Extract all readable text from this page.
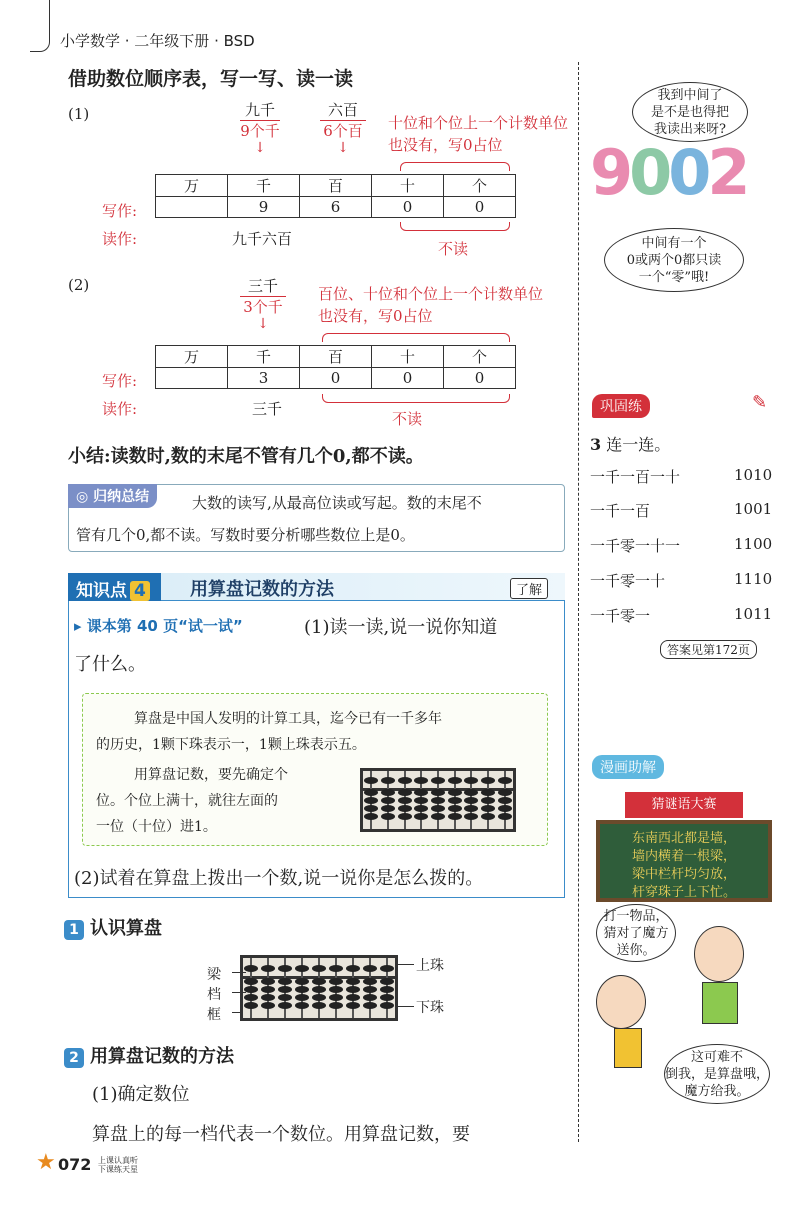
小学数学 · 二年级下册 · BSD
借助数位顺序表，写一写、读一读
(1)	九千
9个千
↓
六百
6个百
↓
十位和个位上一个计数单位也没有，写0占位
万	千	百	十	个
	9	6	0	0
写作:
读作:	九千六百
不读
(2)	三千
3个千
↓
百位、十位和个位上一个计数单位也没有，写0占位
万	千	百	十	个
	3	0	0	0
写作:
读作:	三千
不读
小结:读数时,数的末尾不管有几个0,都不读。
◎ 归纳总结	大数的读写,从最高位读或写起。数的末尾不
管有几个0,都不读。写数时要分析哪些数位上是0。
知识点 4	用算盘记数的方法	了解
▸ 课本第 40 页“试一试”	(1)读一读,说一说你知道
了什么。
算盘是中国人发明的计算工具，迄今已有一千多年
的历史，1颗下珠表示一，1颗上珠表示五。
用算盘记数，要先确定个
位。个位上满十，就往左面的
一位（十位）进1。
(2)试着在算盘上拨出一个数,说一说你是怎么拨的。
1 认识算盘
梁
档
框
上珠
下珠
2 用算盘记数的方法
(1)确定数位
算盘上的每一档代表一个数位。用算盘记数，要
我到中间了
是不是也得把
我读出来呀?
9002
中间有一个
0或两个0都只读
一个“零”哦!
巩固练	✎
3 连一连。
一千一百一十	1010
一千一百	1001
一千零一十一	1100
一千零一十	1110
一千零一	1011
答案见第172页
漫画助解
猜谜语大赛
东南西北都是墙，
墙内横着一根梁，
梁中栏杆均匀放，
杆穿珠子上下忙。
打一物品，
猜对了魔方
送你。
这可难不
倒我，是算盘哦，
魔方给我。
★ 072 上课认真听
下课练天星
